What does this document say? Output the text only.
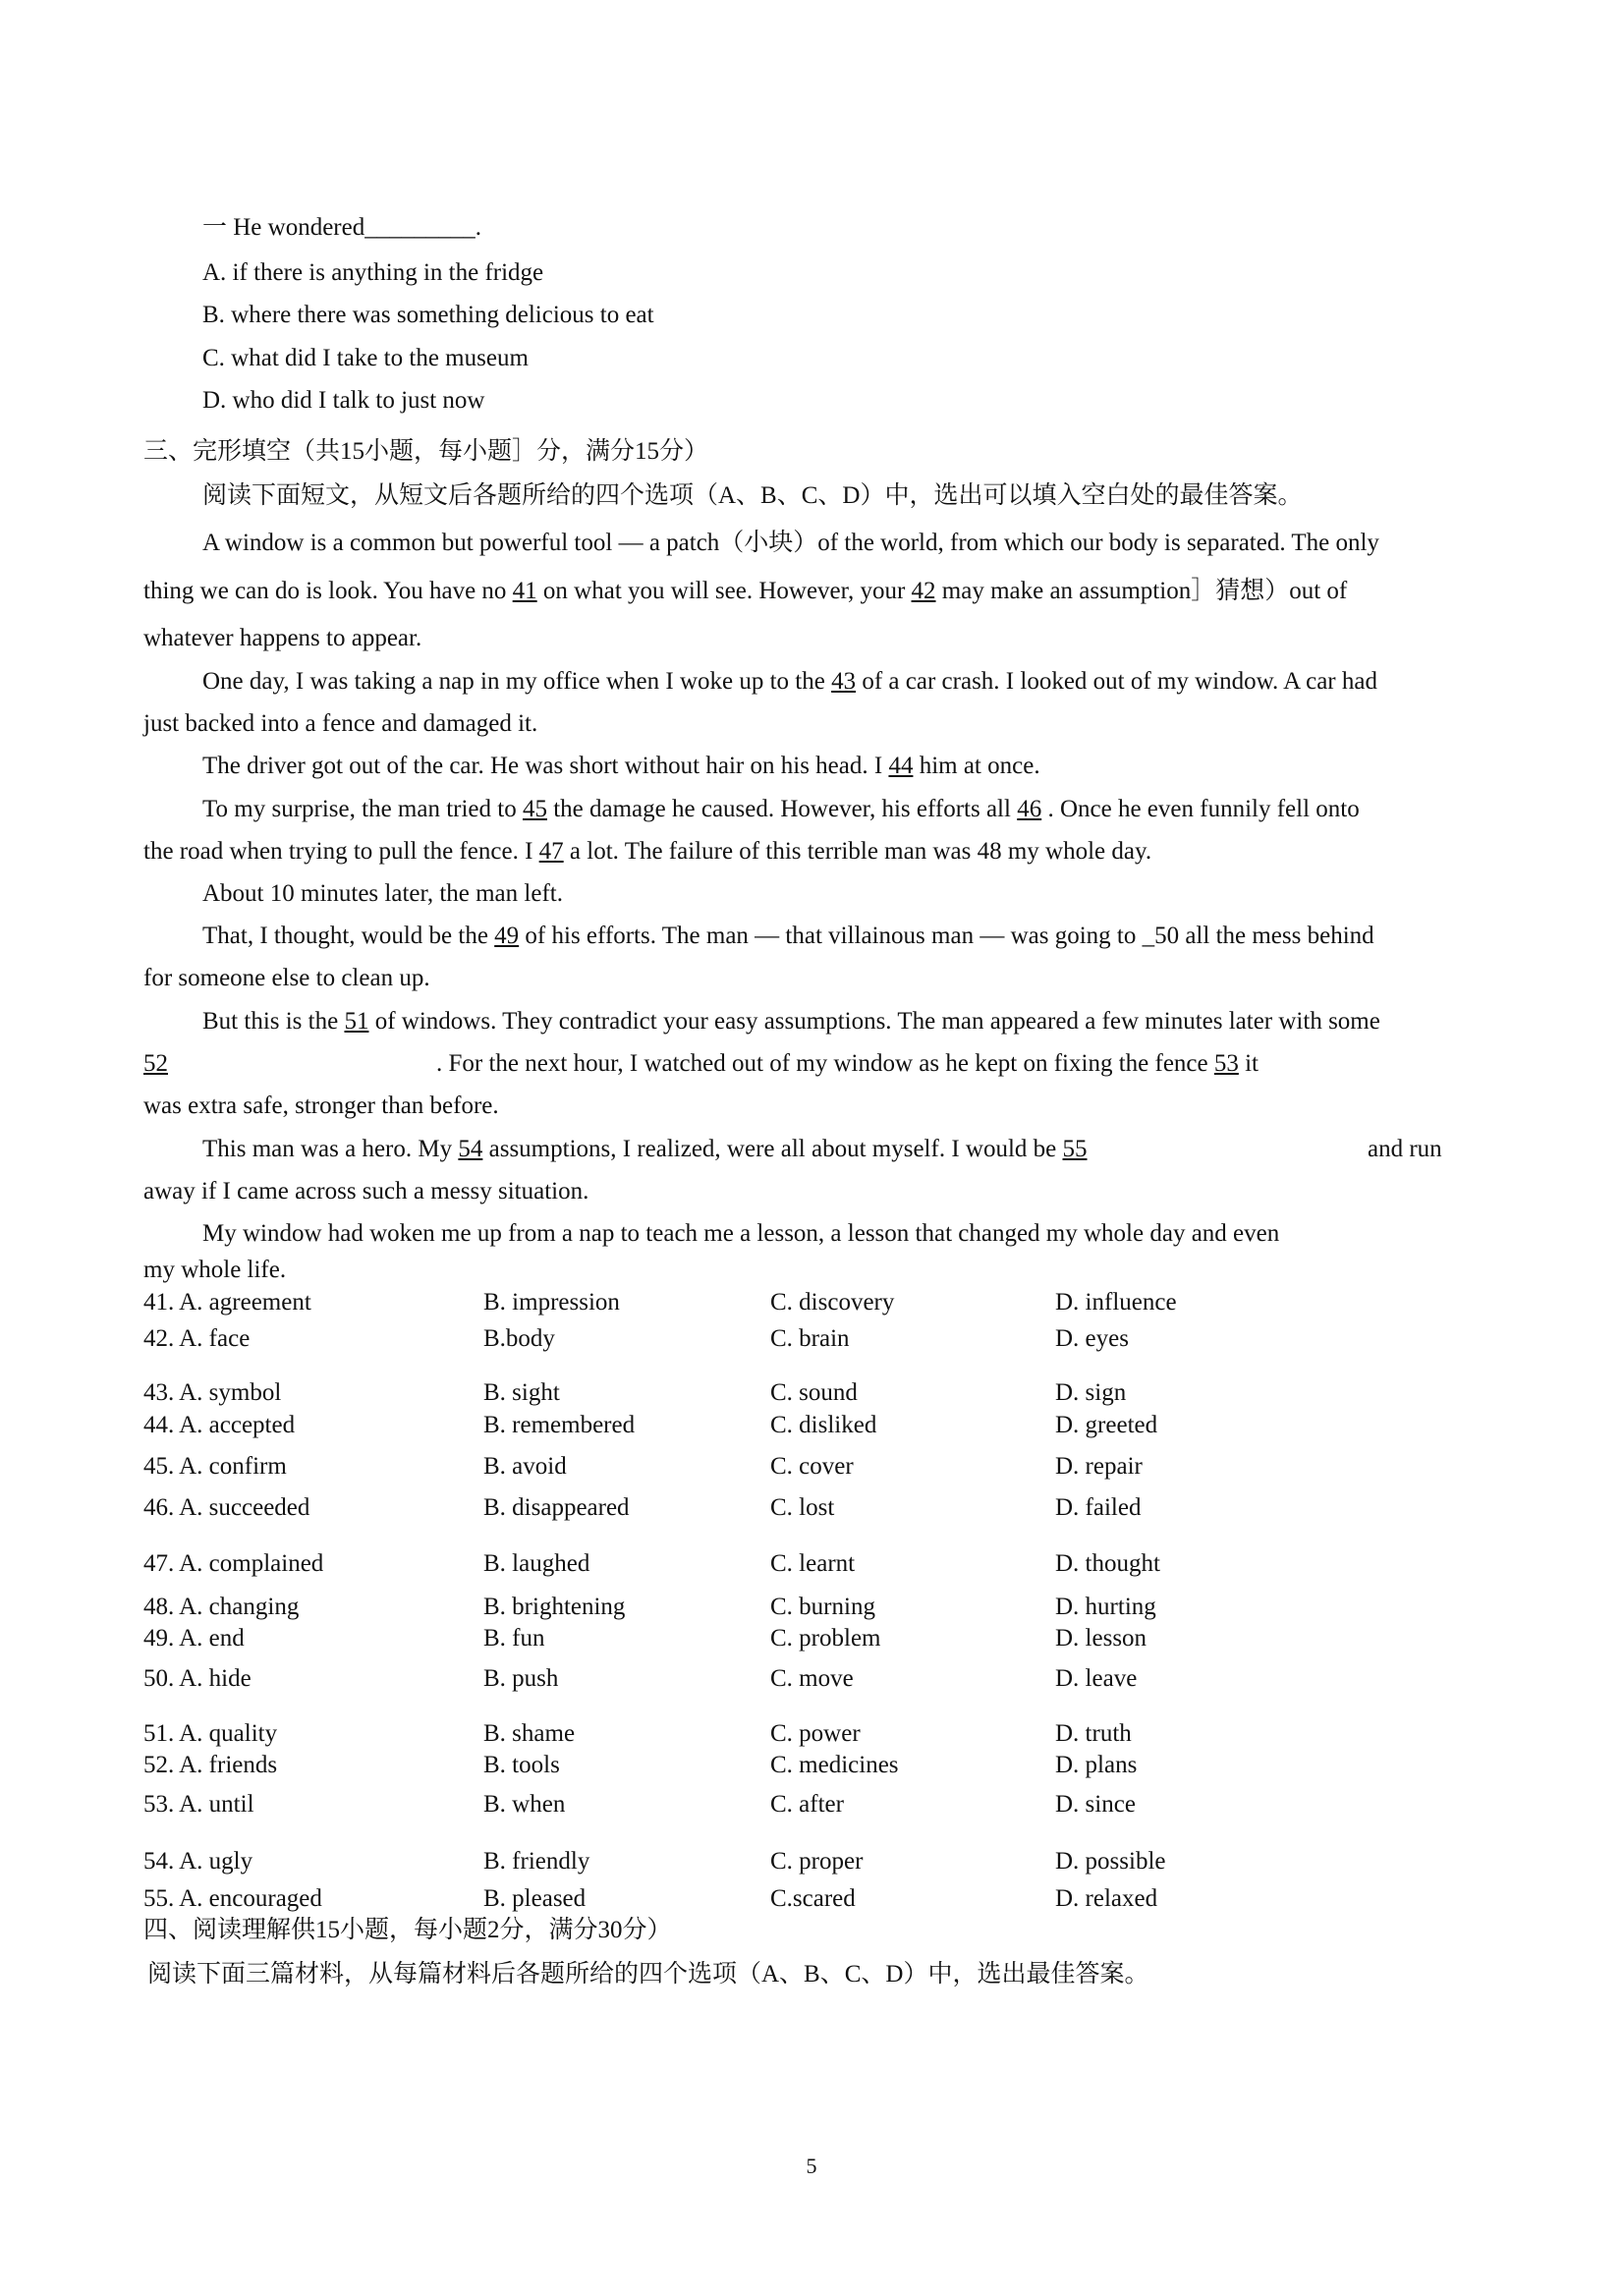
一 He wondered_________.
A. if there is anything in the fridge
B. where there was something delicious to eat
C. what did I take to the museum
D. who did I talk to just now
三、完形填空（共15小题，每小题］分，满分15分）
阅读下面短文，从短文后各题所给的四个选项（A、B、C、D）中，选出可以填入空白处的最佳答案。
A window is a common but powerful tool — a patch（小块）of the world, from which our body is separated. The only
thing we can do is look. You have no 41 on what you will see. However, your 42 may make an assumption］猜想）out of
whatever happens to appear.
One day, I was taking a nap in my office when I woke up to the 43 of a car crash. I looked out of my window. A car had
just backed into a fence and damaged it.
The driver got out of the car. He was short without hair on his head. I 44 him at once.
To my surprise, the man tried to 45 the damage he caused. However, his efforts all 46 . Once he even funnily fell onto
the road when trying to pull the fence. I 47 a lot. The failure of this terrible man was 48 my whole day.
About 10 minutes later, the man left.
That, I thought, would be the 49 of his efforts. The man — that villainous man — was going to _50 all the mess behind
for someone else to clean up.
But this is the 51 of windows. They contradict your easy assumptions. The man appeared a few minutes later with some
52	. For the next hour, I watched out of my window as he kept on fixing the fence 53 it
was extra safe, stronger than before.
This man was a hero. My 54 assumptions, I realized, were all about myself. I would be 55	and run
away if I came across such a messy situation.
My window had woken me up from a nap to teach me a lesson, a lesson that changed my whole day and even
my whole life.
41. A. agreement	B. impression	C. discovery	D. influence
42. A. face	B.body	C. brain	D. eyes
43. A. symbol	B. sight	C. sound	D. sign
44. A. accepted	B. remembered	C. disliked	D. greeted
45. A. confirm	B. avoid	C. cover	D. repair
46. A. succeeded	B. disappeared	C. lost	D. failed
47. A. complained	B. laughed	C. learnt	D. thought
48. A. changing	B. brightening	C. burning	D. hurting
49. A. end	B. fun	C. problem	D. lesson
50. A. hide	B. push	C. move	D. leave
51. A. quality	B. shame	C. power	D. truth
52. A. friends	B. tools	C. medicines	D. plans
53. A. until	B. when	C. after	D. since
54. A. ugly	B. friendly	C. proper	D. possible
55. A. encouraged	B. pleased	C.scared	D. relaxed
四、阅读理解供15小题，每小题2分，满分30分）
阅读下面三篇材料，从每篇材料后各题所给的四个选项（A、B、C、D）中，选出最佳答案。
5
